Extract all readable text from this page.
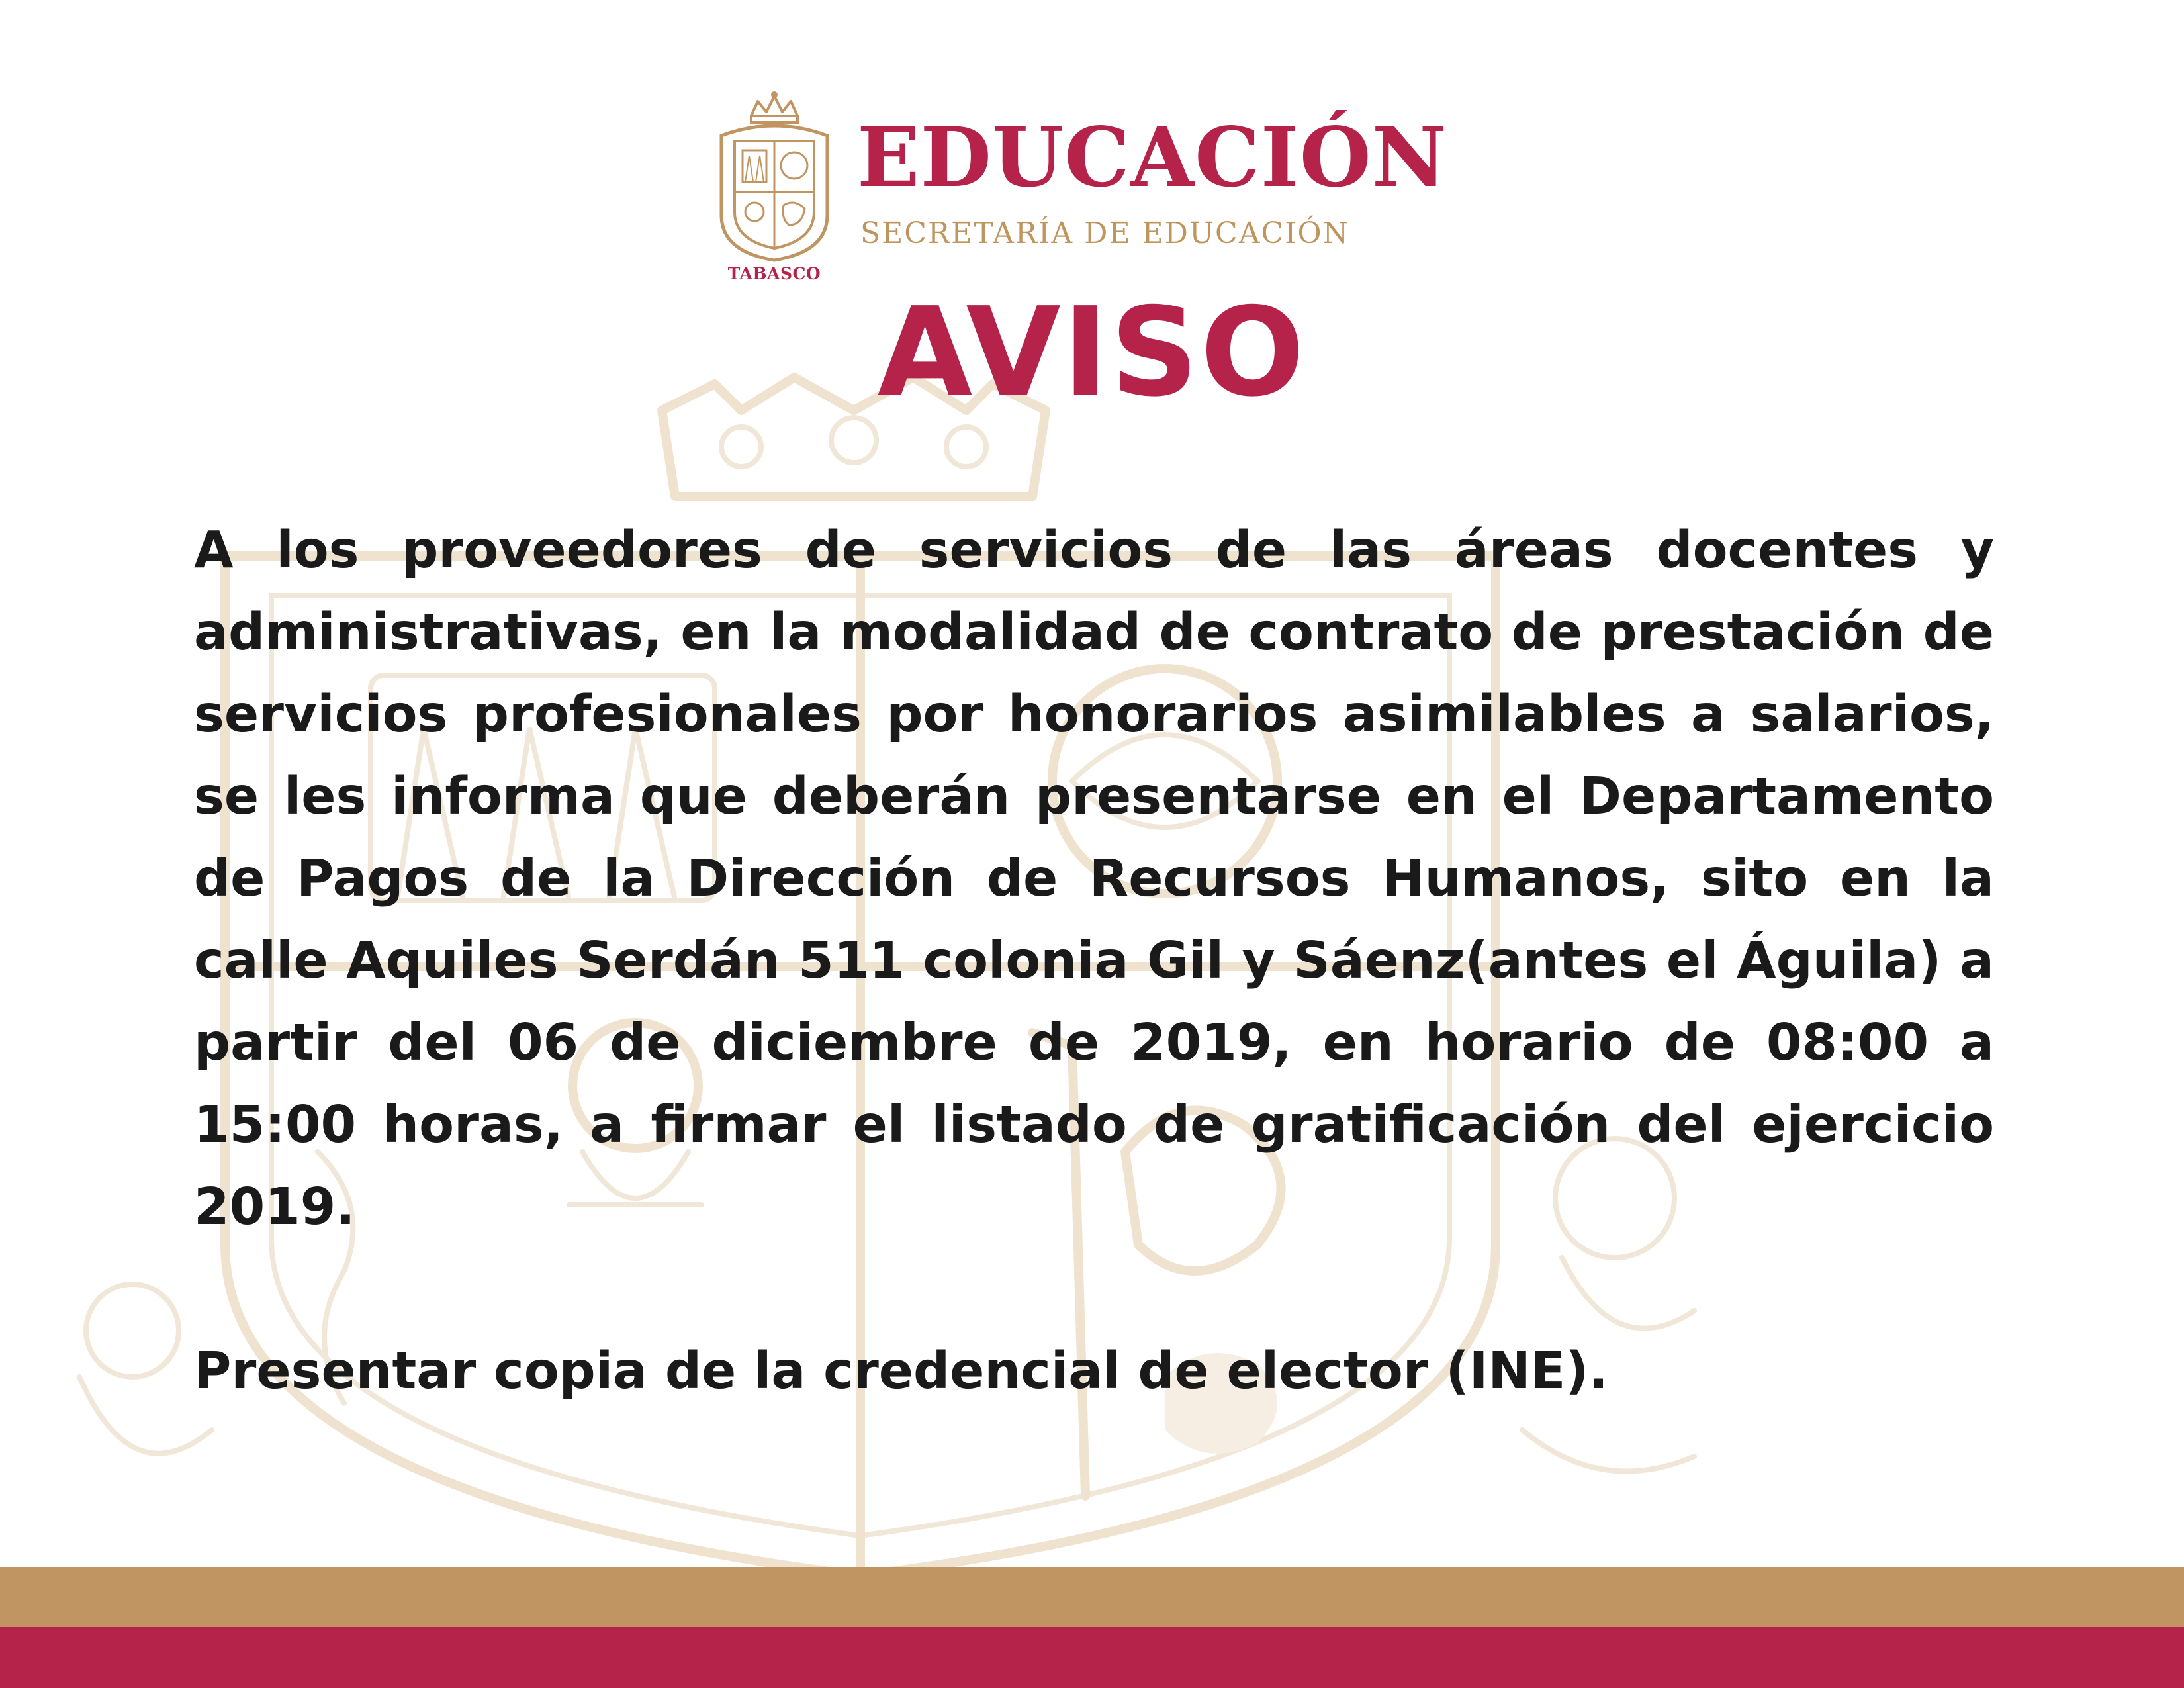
TABASCO
EDUCACIÓN

SECRETARÍA DE EDUCACIÓN

AVISO

A los proveedores de servicios de las áreas docentes y administrativas, en la modalidad de contrato de prestación de servicios profesionales por honorarios asimilables a salarios, se les informa que deberán presentarse en el Departamento de Pagos de la Dirección de Recursos Humanos, sito en la calle Aquiles Serdán 511 colonia Gil y Sáenz(antes el Águila) a partir del 06 de diciembre de 2019, en horario de 08:00 a 15:00 horas, a firmar el listado de gratificación del ejercicio 2019.

Presentar copia de la credencial de elector (INE).
